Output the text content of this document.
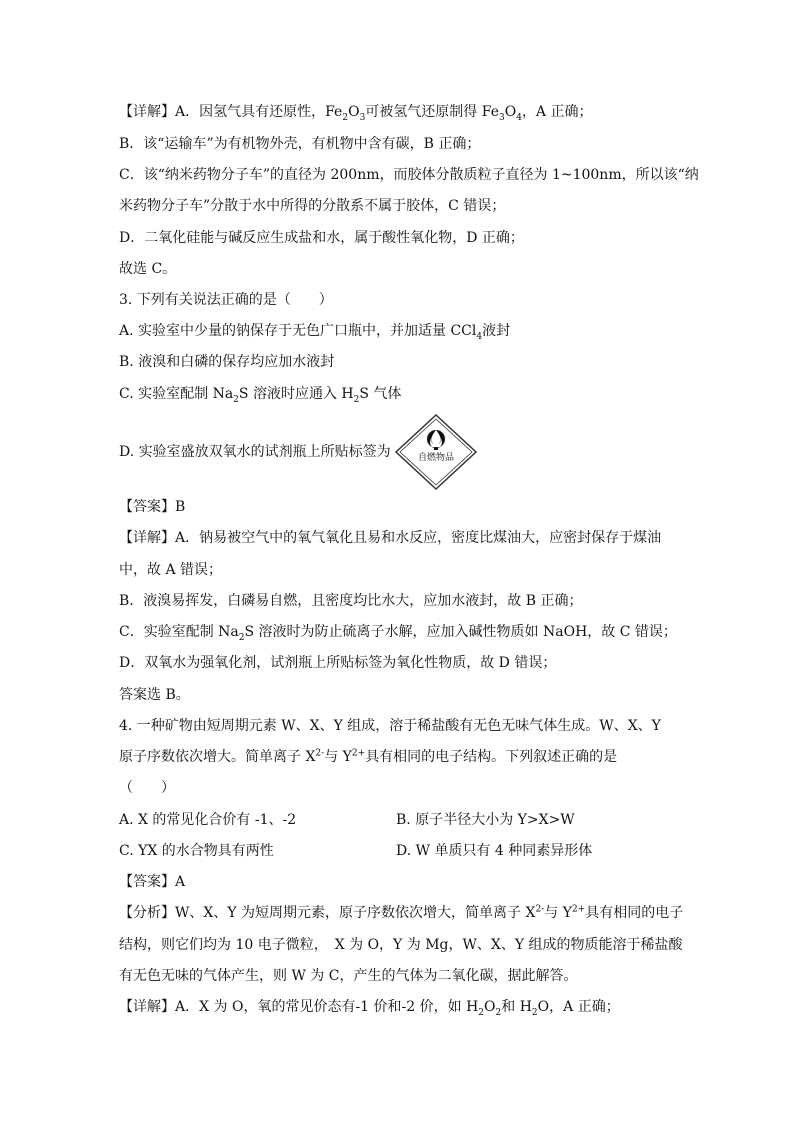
【详解】A．因氢气具有还原性，$Fe_2O_3$可被氢气还原制得 $Fe_3O_4$，A 正确；
B．该“运输车”为有机物外壳，有机物中含有碳，B 正确；
C．该“纳米药物分子车”的直径为 200nm，而胶体分散质粒子直径为 1~100nm，所以该“纳
米药物分子车”分散于水中所得的分散系不属于胶体，C 错误；
D．二氧化硅能与碱反应生成盐和水，属于酸性氧化物，D 正确；
故选 C。
3. 下列有关说法正确的是（　　）
A. 实验室中少量的钠保存于无色广口瓶中，并加适量 CCl$_4$液封
B. 液溴和白磷的保存均应加水液封
C. 实验室配制 $Na_2S$ 溶液时应通入 $H_2S$ 气体
D. 实验室盛放双氧水的试剂瓶上所贴标签为	自燃物品
【答案】B
【详解】A．钠易被空气中的氧气氧化且易和水反应，密度比煤油大，应密封保存于煤油
中，故 A 错误；
B．液溴易挥发，白磷易自燃，且密度均比水大，应加水液封，故 B 正确；
C．实验室配制 $Na_2S$ 溶液时为防止硫离子水解，应加入碱性物质如 NaOH，故 C 错误；
D．双氧水为强氧化剂，试剂瓶上所贴标签为氧化性物质，故 D 错误；
答案选 B。
4. 一种矿物由短周期元素 W、X、Y 组成，溶于稀盐酸有无色无味气体生成。W、X、Y
原子序数依次增大。简单离子 $X^{2-}$与 $Y^{2+}$具有相同的电子结构。下列叙述正确的是
（　　）
A. X 的常见化合价有 -1、-2	B. 原子半径大小为 Y>X>W
C. YX 的水合物具有两性	D. W 单质只有 4 种同素异形体
【答案】A
【分析】W、X、Y 为短周期元素，原子序数依次增大，简单离子 $X^{2-}$与 $Y^{2+}$具有相同的电子
结构，则它们均为 10 电子微粒，　X 为 O，Y 为 Mg，W、X、Y 组成的物质能溶于稀盐酸
有无色无味的气体产生，则 W 为 C，产生的气体为二氧化碳，据此解答。
【详解】A．X 为 O，氧的常见价态有-1 价和-2 价，如 $H_2O_2$和 $H_2O$，A 正确；
